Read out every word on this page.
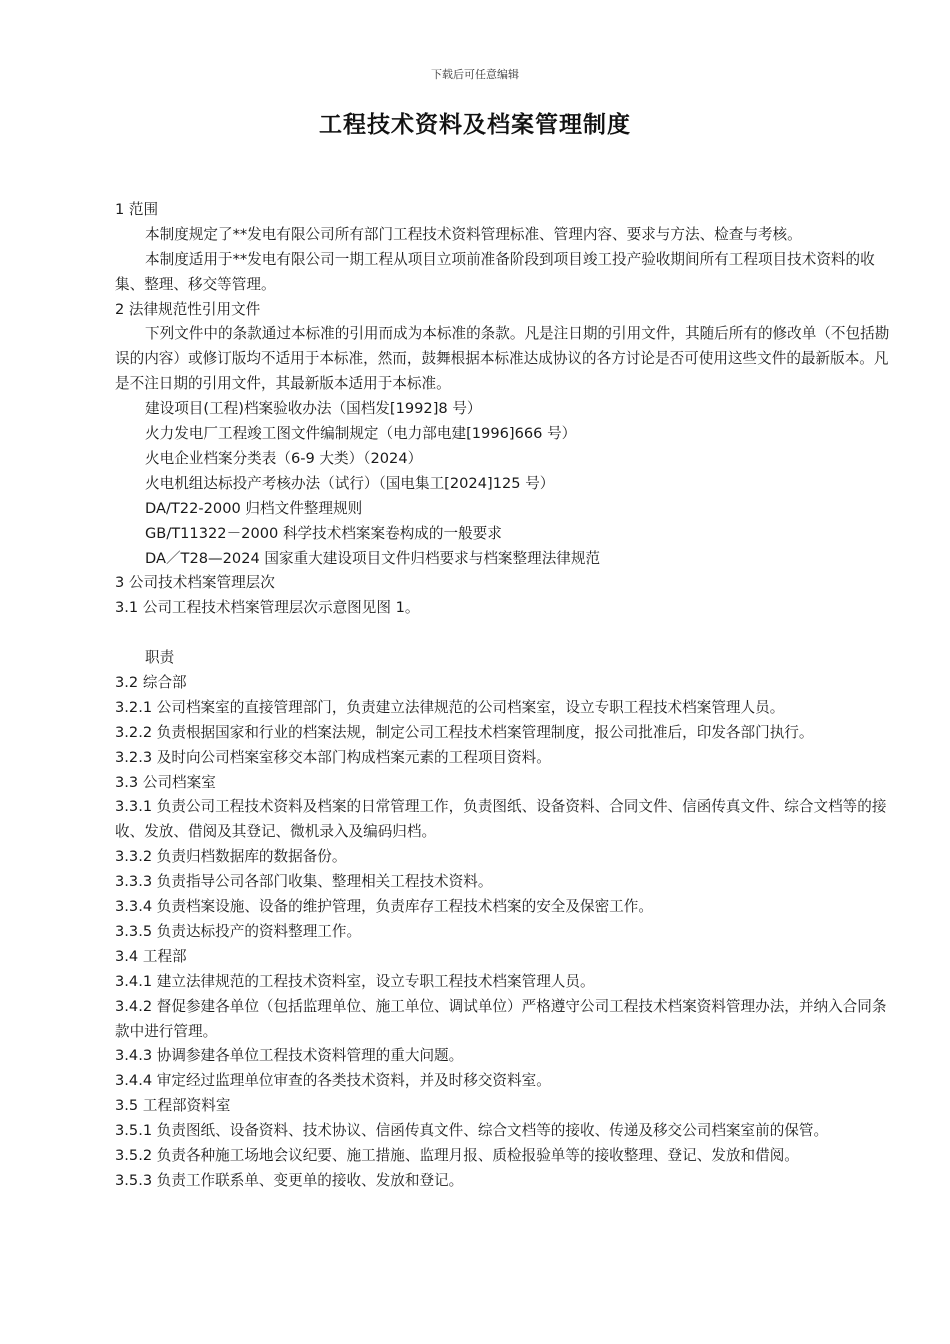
下载后可任意编辑
工程技术资料及档案管理制度
1 范围
本制度规定了**发电有限公司所有部门工程技术资料管理标准、管理内容、要求与方法、检查与考核。
本制度适用于**发电有限公司一期工程从项目立项前准备阶段到项目竣工投产验收期间所有工程项目技术资料的收集、整理、移交等管理。
2 法律规范性引用文件
下列文件中的条款通过本标准的引用而成为本标准的条款。凡是注日期的引用文件，其随后所有的修改单（不包括勘误的内容）或修订版均不适用于本标准，然而，鼓舞根据本标准达成协议的各方讨论是否可使用这些文件的最新版本。凡是不注日期的引用文件，其最新版本适用于本标准。
建设项目(工程)档案验收办法（国档发[1992]8 号）
火力发电厂工程竣工图文件编制规定（电力部电建[1996]666 号）
火电企业档案分类表（6-9 大类）（2024）
火电机组达标投产考核办法（试行）（国电集工[2024]125 号）
DA/T22-2000 归档文件整理规则
GB/T11322－2000 科学技术档案案卷构成的一般要求
DA／T28—2024 国家重大建设项目文件归档要求与档案整理法律规范
3 公司技术档案管理层次
3.1 公司工程技术档案管理层次示意图见图 1。
职责
3.2 综合部
3.2.1 公司档案室的直接管理部门，负责建立法律规范的公司档案室，设立专职工程技术档案管理人员。
3.2.2 负责根据国家和行业的档案法规，制定公司工程技术档案管理制度，报公司批准后，印发各部门执行。
3.2.3 及时向公司档案室移交本部门构成档案元素的工程项目资料。
3.3 公司档案室
3.3.1 负责公司工程技术资料及档案的日常管理工作，负责图纸、设备资料、合同文件、信函传真文件、综合文档等的接收、发放、借阅及其登记、微机录入及编码归档。
3.3.2 负责归档数据库的数据备份。
3.3.3 负责指导公司各部门收集、整理相关工程技术资料。
3.3.4 负责档案设施、设备的维护管理，负责库存工程技术档案的安全及保密工作。
3.3.5 负责达标投产的资料整理工作。
3.4 工程部
3.4.1 建立法律规范的工程技术资料室，设立专职工程技术档案管理人员。
3.4.2 督促参建各单位（包括监理单位、施工单位、调试单位）严格遵守公司工程技术档案资料管理办法，并纳入合同条款中进行管理。
3.4.3 协调参建各单位工程技术资料管理的重大问题。
3.4.4 审定经过监理单位审查的各类技术资料，并及时移交资料室。
3.5 工程部资料室
3.5.1 负责图纸、设备资料、技术协议、信函传真文件、综合文档等的接收、传递及移交公司档案室前的保管。
3.5.2 负责各种施工场地会议纪要、施工措施、监理月报、质检报验单等的接收整理、登记、发放和借阅。
3.5.3 负责工作联系单、变更单的接收、发放和登记。
